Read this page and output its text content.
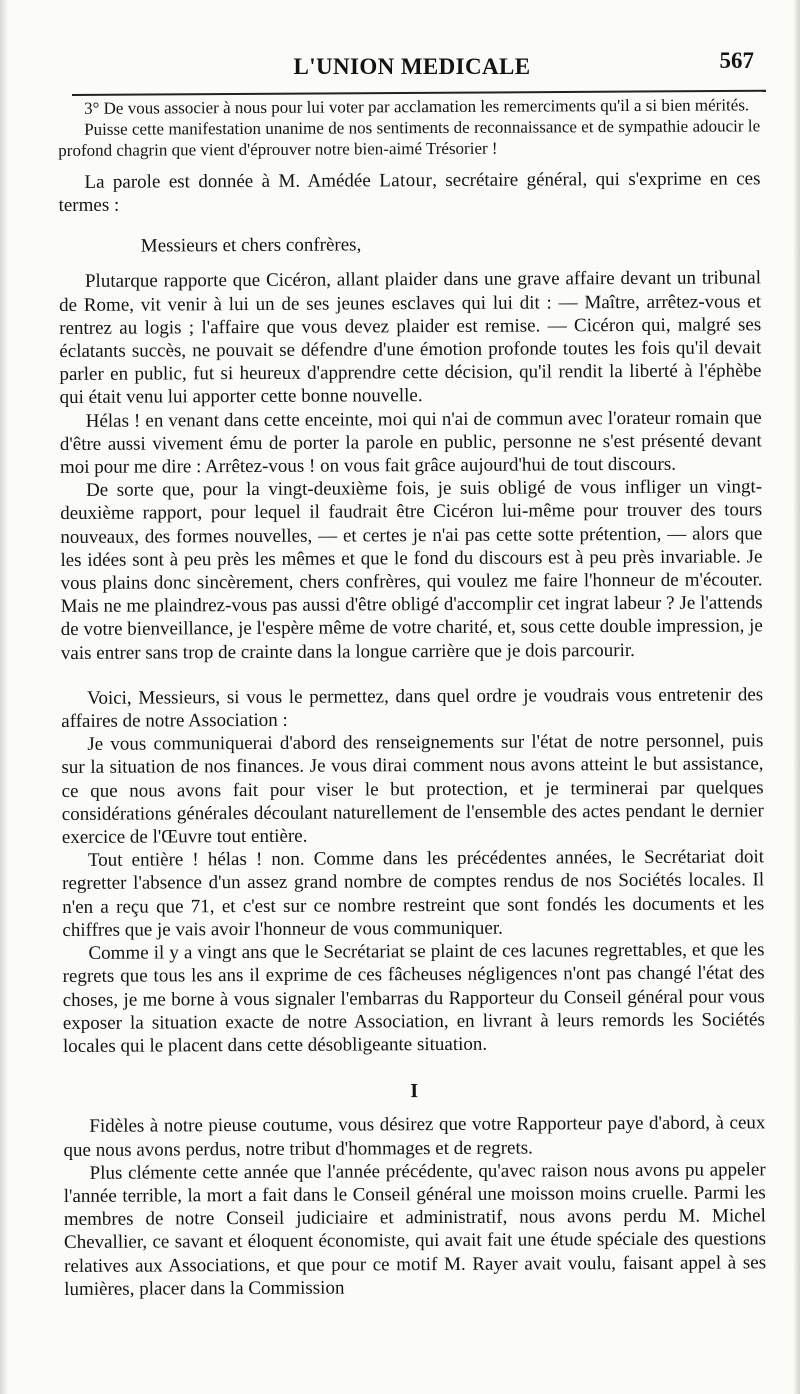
L'UNION MEDICALE	567

3° De vous associer à nous pour lui voter par acclamation les remerciments qu'il a si bien mérités.

Puisse cette manifestation unanime de nos sentiments de reconnaissance et de sympathie adoucir le profond chagrin que vient d'éprouver notre bien-aimé Trésorier !

La parole est donnée à M. Amédée Latour, secrétaire général, qui s'exprime en ces termes :

Messieurs et chers confrères,

Plutarque rapporte que Cicéron, allant plaider dans une grave affaire devant un tribunal de Rome, vit venir à lui un de ses jeunes esclaves qui lui dit : — Maître, arrêtez-vous et rentrez au logis ; l'affaire que vous devez plaider est remise. — Cicéron qui, malgré ses éclatants succès, ne pouvait se défendre d'une émotion profonde toutes les fois qu'il devait parler en public, fut si heureux d'apprendre cette décision, qu'il rendit la liberté à l'éphèbe qui était venu lui apporter cette bonne nouvelle.

Hélas ! en venant dans cette enceinte, moi qui n'ai de commun avec l'orateur romain que d'être aussi vivement ému de porter la parole en public, personne ne s'est présenté devant moi pour me dire : Arrêtez-vous ! on vous fait grâce aujourd'hui de tout discours.

De sorte que, pour la vingt-deuxième fois, je suis obligé de vous infliger un vingt-deuxième rapport, pour lequel il faudrait être Cicéron lui-même pour trouver des tours nouveaux, des formes nouvelles, — et certes je n'ai pas cette sotte prétention, — alors que les idées sont à peu près les mêmes et que le fond du discours est à peu près invariable. Je vous plains donc sincèrement, chers confrères, qui voulez me faire l'honneur de m'écouter. Mais ne me plaindrez-vous pas aussi d'être obligé d'accomplir cet ingrat labeur ? Je l'attends de votre bienveillance, je l'espère même de votre charité, et, sous cette double impression, je vais entrer sans trop de crainte dans la longue carrière que je dois parcourir.

Voici, Messieurs, si vous le permettez, dans quel ordre je voudrais vous entretenir des affaires de notre Association :

Je vous communiquerai d'abord des renseignements sur l'état de notre personnel, puis sur la situation de nos finances. Je vous dirai comment nous avons atteint le but assistance, ce que nous avons fait pour viser le but protection, et je terminerai par quelques considérations générales découlant naturellement de l'ensemble des actes pendant le dernier exercice de l'Œuvre tout entière.

Tout entière ! hélas ! non. Comme dans les précédentes années, le Secrétariat doit regretter l'absence d'un assez grand nombre de comptes rendus de nos Sociétés locales. Il n'en a reçu que 71, et c'est sur ce nombre restreint que sont fondés les documents et les chiffres que je vais avoir l'honneur de vous communiquer.

Comme il y a vingt ans que le Secrétariat se plaint de ces lacunes regrettables, et que les regrets que tous les ans il exprime de ces fâcheuses négligences n'ont pas changé l'état des choses, je me borne à vous signaler l'embarras du Rapporteur du Conseil général pour vous exposer la situation exacte de notre Association, en livrant à leurs remords les Sociétés locales qui le placent dans cette désobligeante situation.

I

Fidèles à notre pieuse coutume, vous désirez que votre Rapporteur paye d'abord, à ceux que nous avons perdus, notre tribut d'hommages et de regrets.

Plus clémente cette année que l'année précédente, qu'avec raison nous avons pu appeler l'année terrible, la mort a fait dans le Conseil général une moisson moins cruelle. Parmi les membres de notre Conseil judiciaire et administratif, nous avons perdu M. Michel Chevallier, ce savant et éloquent économiste, qui avait fait une étude spéciale des questions relatives aux Associations, et que pour ce motif M. Rayer avait voulu, faisant appel à ses lumières, placer dans la Commission
